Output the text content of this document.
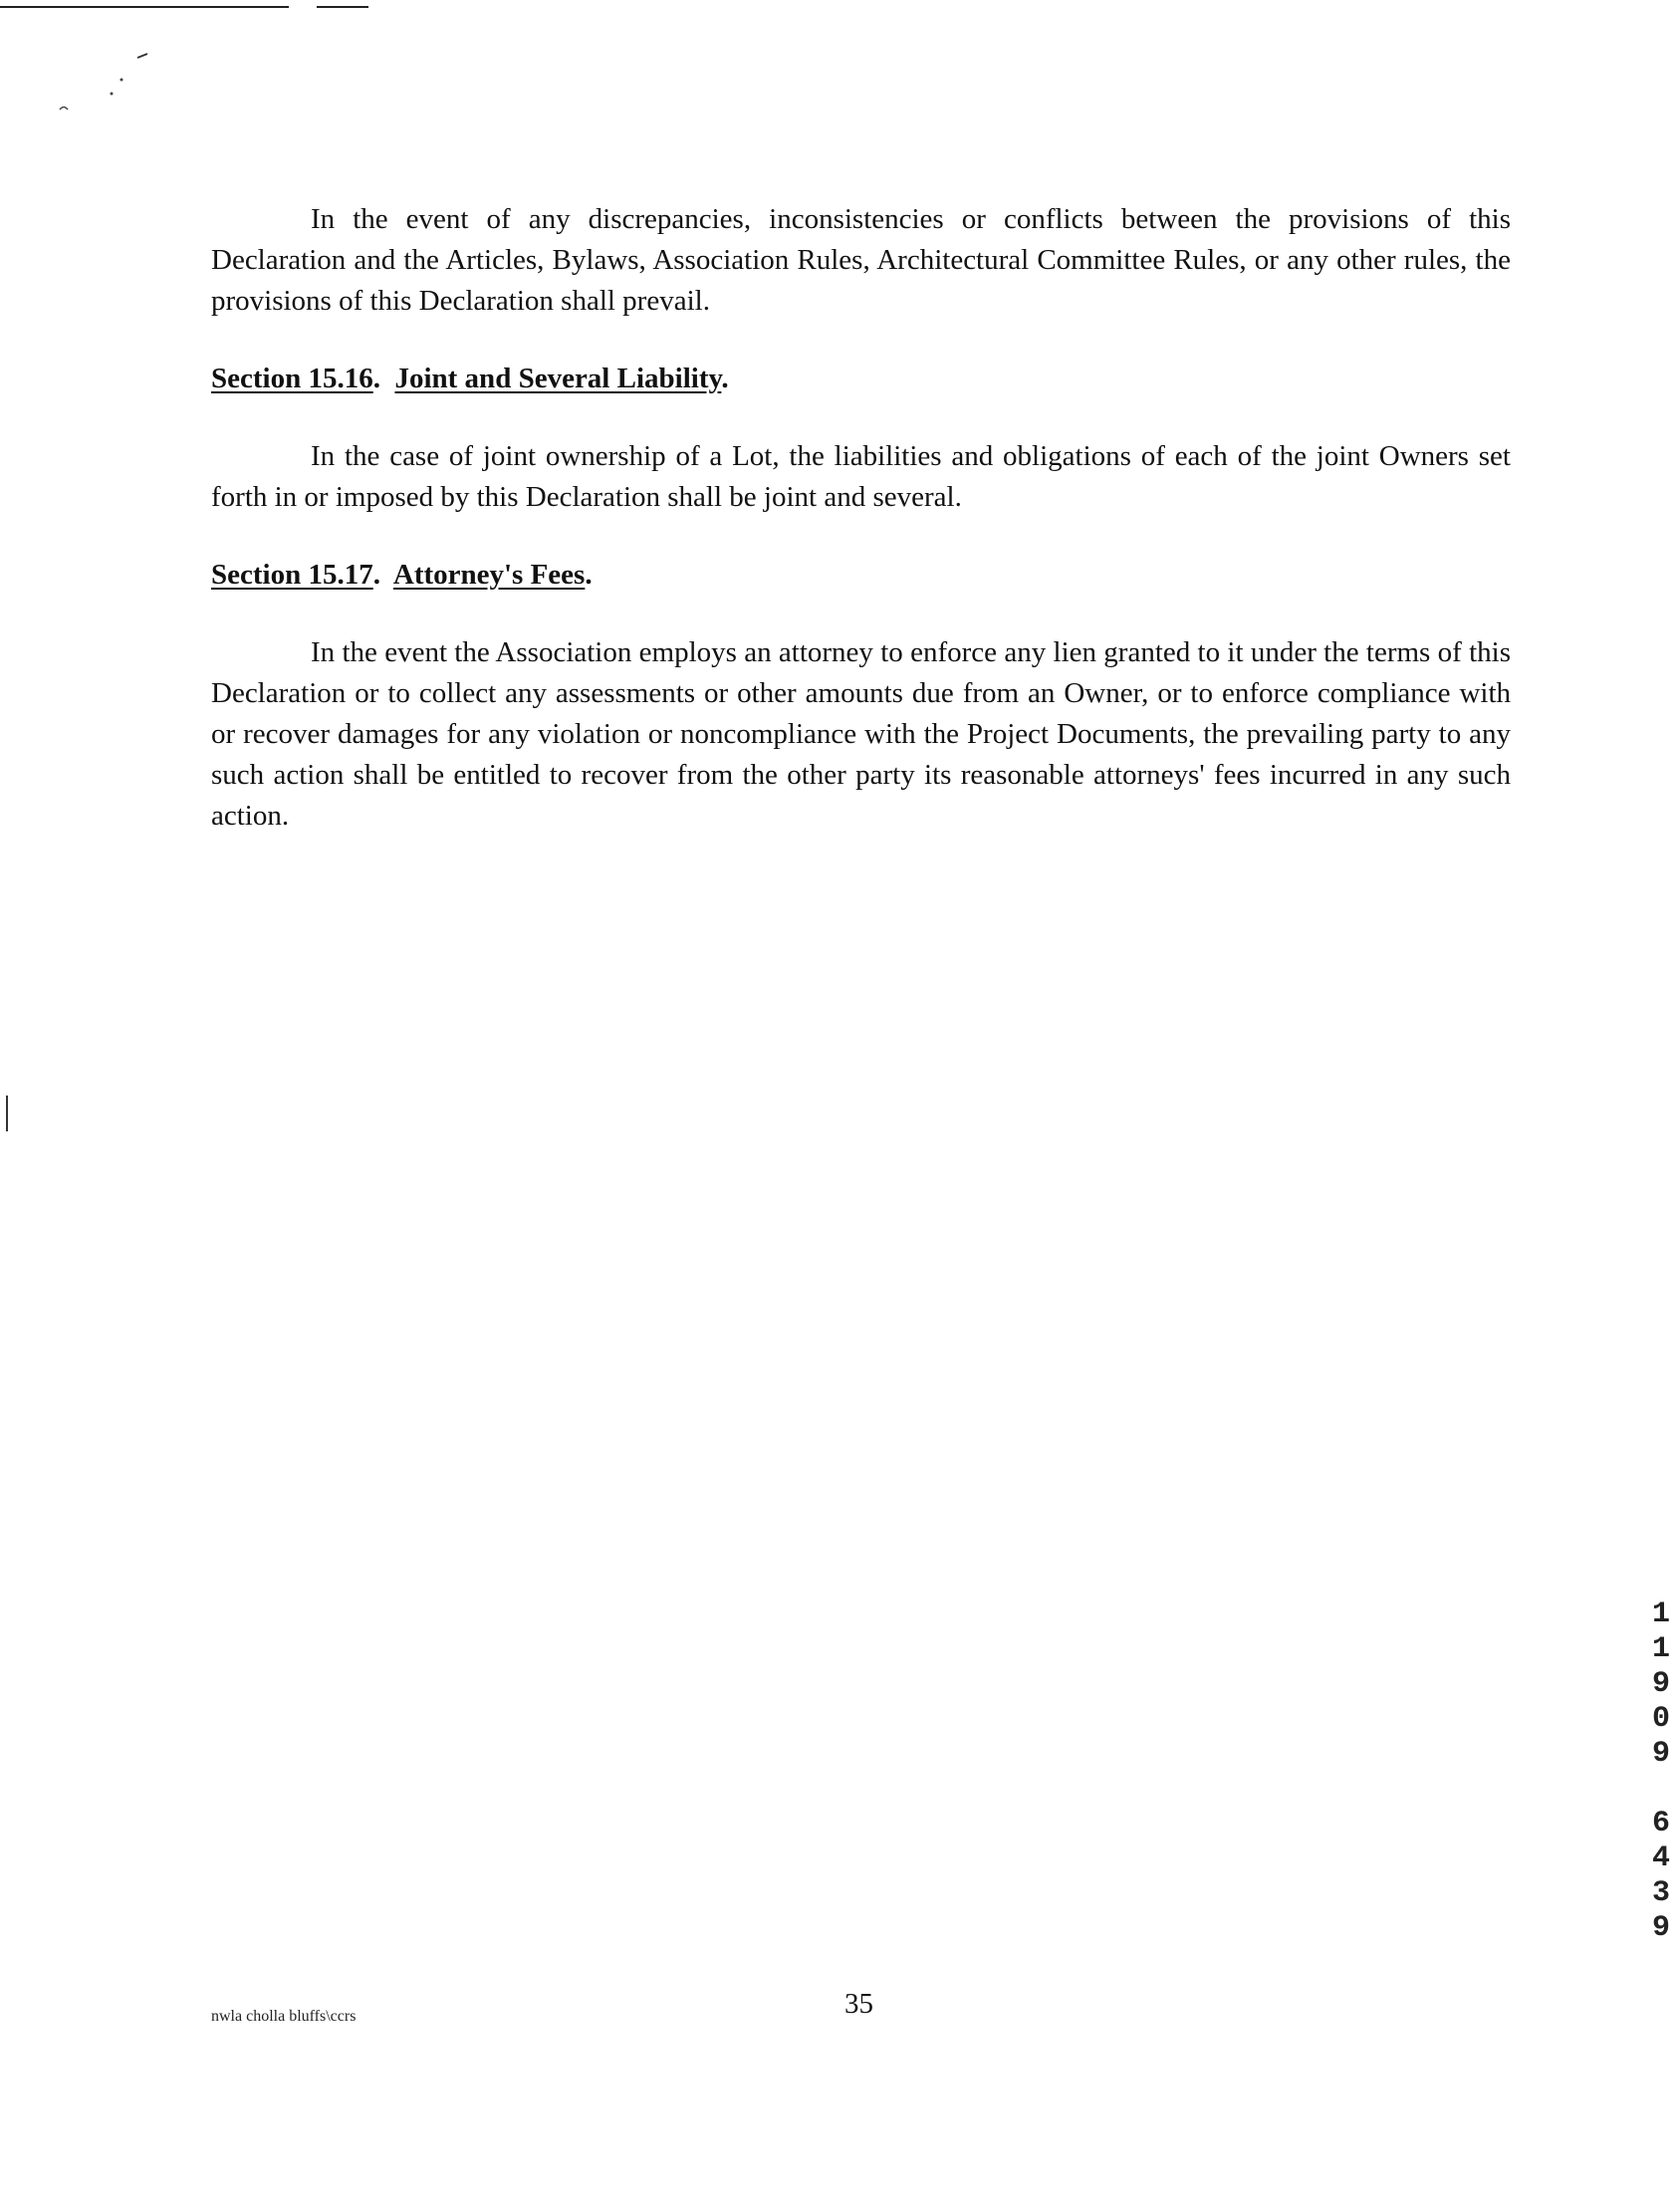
In the event of any discrepancies, inconsistencies or conflicts between the provisions of this Declaration and the Articles, Bylaws, Association Rules, Architectural Committee Rules, or any other rules, the provisions of this Declaration shall prevail.

Section 15.16.  Joint and Several Liability.

In the case of joint ownership of a Lot, the liabilities and obligations of each of the joint Owners set forth in or imposed by this Declaration shall be joint and several.

Section 15.17.  Attorney's Fees.

In the event the Association employs an attorney to enforce any lien granted to it under the terms of this Declaration or to collect any assessments or other amounts due from an Owner, or to enforce compliance with or recover damages for any violation or noncompliance with the Project Documents, the prevailing party to any such action shall be entitled to recover from the other party its reasonable attorneys' fees incurred in any such action.

1
1
9
0
9
6
4
3
9
nwla cholla bluffs\ccrs	35
